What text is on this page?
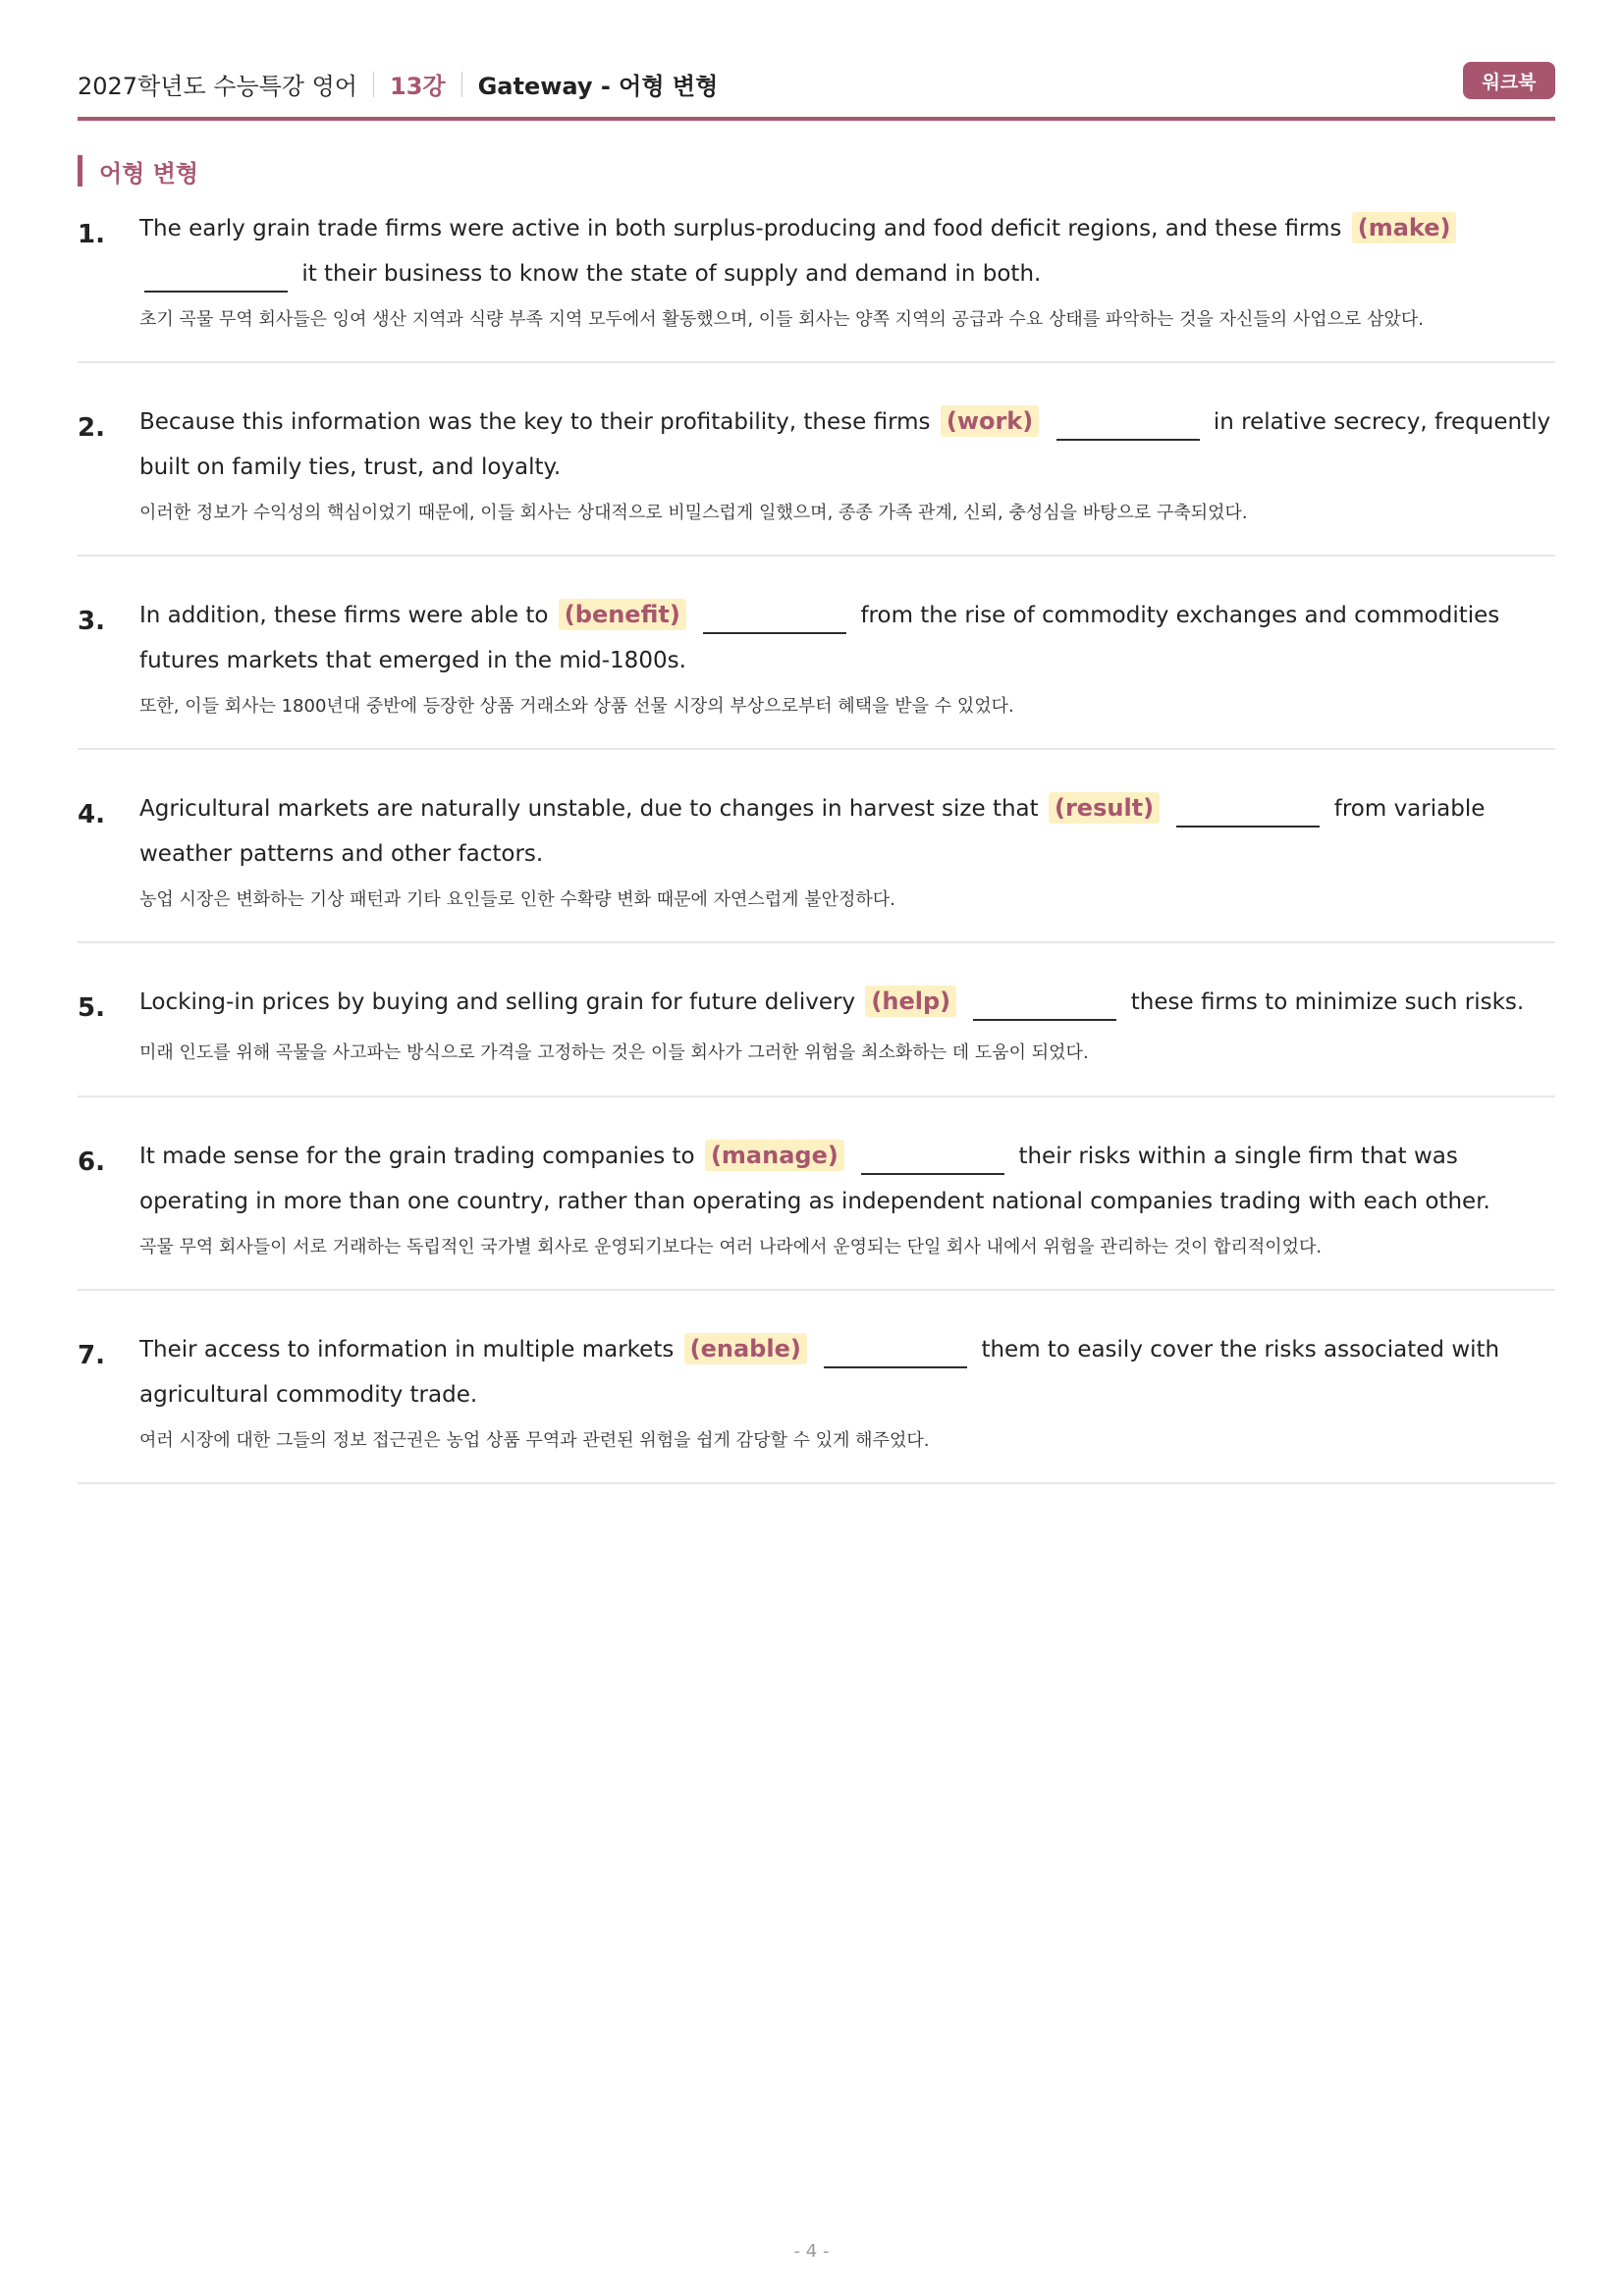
2027학년도 수능특강 영어 13강 Gateway - 어형 변형	워크북
어형 변형
1. The early grain trade firms were active in both surplus-producing and food deficit regions, and these firms (make)  it their business to know the state of supply and demand in both.
초기 곡물 무역 회사들은 잉여 생산 지역과 식량 부족 지역 모두에서 활동했으며, 이들 회사는 양쪽 지역의 공급과 수요 상태를 파악하는 것을 자신들의 사업으로 삼았다.
2. Because this information was the key to their profitability, these firms (work)	in relative secrecy, frequently built on family ties, trust, and loyalty.
이러한 정보가 수익성의 핵심이었기 때문에, 이들 회사는 상대적으로 비밀스럽게 일했으며, 종종 가족 관계, 신뢰, 충성심을 바탕으로 구축되었다.
3. In addition, these firms were able to (benefit)	from the rise of commodity exchanges and commodities futures markets that emerged in the mid-1800s.
또한, 이들 회사는 1800년대 중반에 등장한 상품 거래소와 상품 선물 시장의 부상으로부터 혜택을 받을 수 있었다.
4. Agricultural markets are naturally unstable, due to changes in harvest size that (result)	from variable weather patterns and other factors.
농업 시장은 변화하는 기상 패턴과 기타 요인들로 인한 수확량 변화 때문에 자연스럽게 불안정하다.
5. Locking-in prices by buying and selling grain for future delivery (help)	these firms to minimize such risks.
미래 인도를 위해 곡물을 사고파는 방식으로 가격을 고정하는 것은 이들 회사가 그러한 위험을 최소화하는 데 도움이 되었다.
6. It made sense for the grain trading companies to (manage)	their risks within a single firm that was operating in more than one country, rather than operating as independent national companies trading with each other.
곡물 무역 회사들이 서로 거래하는 독립적인 국가별 회사로 운영되기보다는 여러 나라에서 운영되는 단일 회사 내에서 위험을 관리하는 것이 합리적이었다.
7. Their access to information in multiple markets (enable)	them to easily cover the risks associated with agricultural commodity trade.
여러 시장에 대한 그들의 정보 접근권은 농업 상품 무역과 관련된 위험을 쉽게 감당할 수 있게 해주었다.
- 4 -
